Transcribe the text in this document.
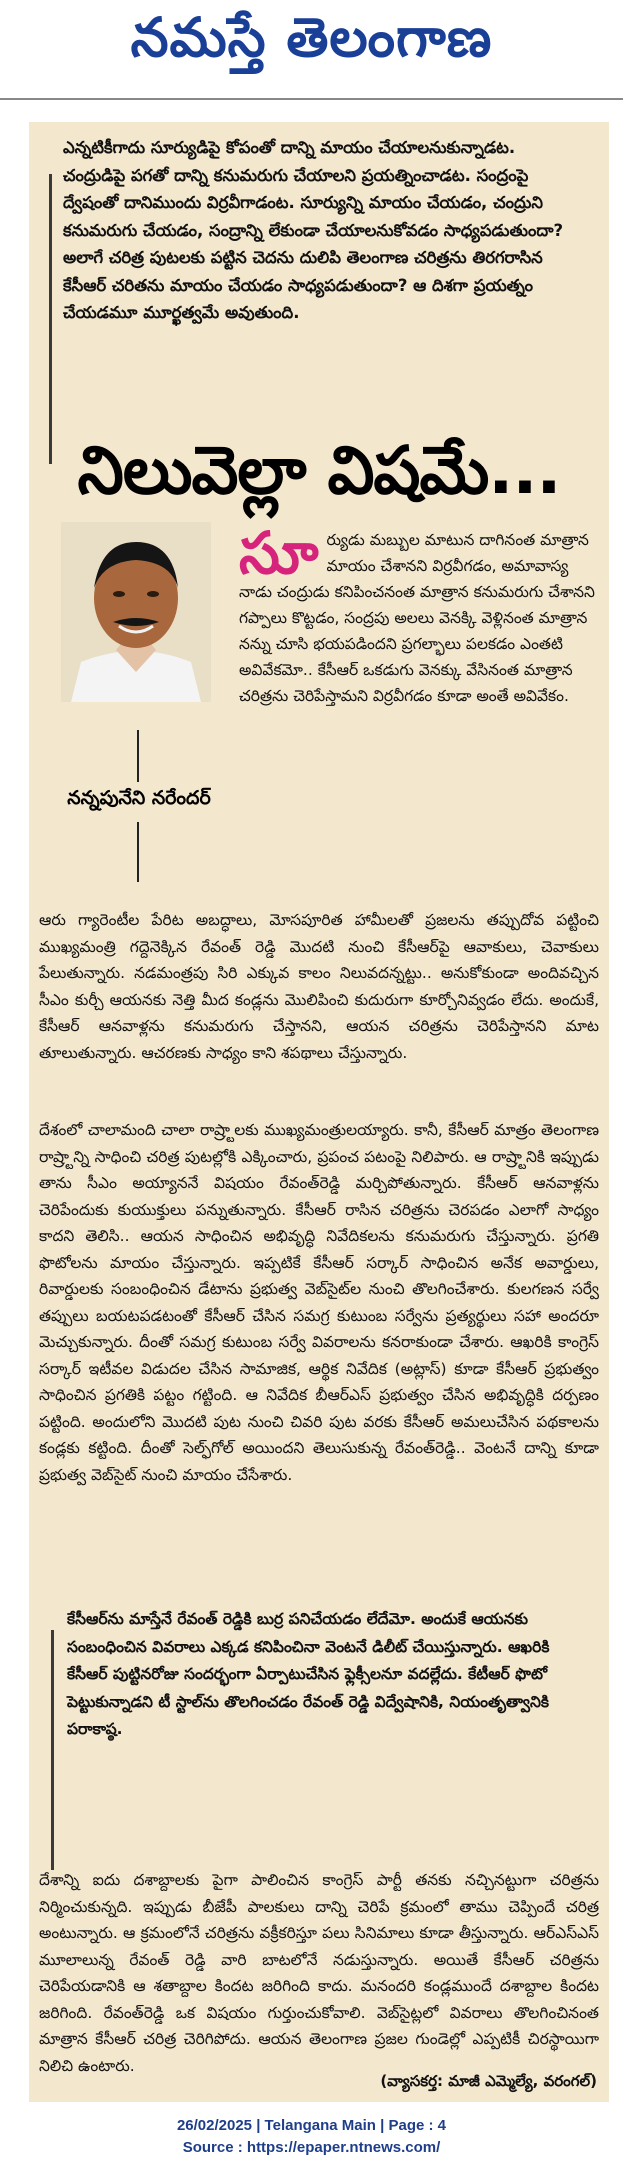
నమస్తే తెలంగాణ
ఎన్నటికీగాదు సూర్యుడిపై కోపంతో దాన్ని మాయం చేయాలనుకున్నాడట. చంద్రుడిపై పగతో దాన్ని కనుమరుగు చేయాలని ప్రయత్నించాడట. సంద్రంపై ద్వేషంతో దానిముందు విర్రవీగాడంట. సూర్యున్ని మాయం చేయడం, చంద్రుని కనుమరుగు చేయడం, సంద్రాన్ని లేకుండా చేయాలనుకోవడం సాధ్యపడుతుందా? అలాగే చరిత్ర పుటలకు పట్టిన చెదను దులిపి తెలంగాణ చరిత్రను తిరగరాసిన కేసీఆర్ చరితను మాయం చేయడం సాధ్యపడుతుందా? ఆ దిశగా ప్రయత్నం చేయడమూ మూర్ఖత్వమే అవుతుంది.
నిలువెల్లా విషమే...
నన్నపునేని నరేందర్
సూర్యుడు మబ్బుల మాటున దాగినంత మాత్రాన మాయం చేశానని విర్రవీగడం, అమావాస్య నాడు చంద్రుడు కనిపించనంత మాత్రాన కనుమరుగు చేశానని గప్పాలు కొట్టడం, సంద్రపు అలలు వెనక్కి వెళ్లినంత మాత్రాన నన్ను చూసి భయపడిందని ప్రగల్భాలు పలకడం ఎంతటి అవివేకమో.. కేసీఆర్ ఒకడుగు వెనక్కు వేసినంత మాత్రాన చరిత్రను చెరిపేస్తామని విర్రవీగడం కూడా అంతే అవివేకం.
ఆరు గ్యారెంటీల పేరిట అబద్ధాలు, మోసపూరిత హామీలతో ప్రజలను తప్పుదోవ పట్టించి ముఖ్యమంత్రి గద్దెనెక్కిన రేవంత్ రెడ్డి మొదటి నుంచి కేసీఆర్‌పై ఆవాకులు, చెవాకులు పేలుతున్నారు. నడమంత్రపు సిరి ఎక్కువ కాలం నిలువదన్నట్టు.. అనుకోకుండా అందివచ్చిన సీఎం కుర్చీ ఆయనకు నెత్తి మీద కండ్లను మొలిపించి కుదురుగా కూర్చోనివ్వడం లేదు. అందుకే, కేసీఆర్ ఆనవాళ్లను కనుమరుగు చేస్తానని, ఆయన చరిత్రను చెరిపేస్తానని మాట తూలుతున్నారు. ఆచరణకు సాధ్యం కాని శపథాలు చేస్తున్నారు.
దేశంలో చాలామంది చాలా రాష్ర్టాలకు ముఖ్యమంత్రులయ్యారు. కానీ, కేసీఆర్ మాత్రం తెలంగాణ రాష్ర్టాన్ని సాధించి చరిత్ర పుటల్లోకి ఎక్కించారు, ప్రపంచ పటంపై నిలిపారు. ఆ రాష్ర్టానికి ఇప్పుడు తాను సీఎం అయ్యాననే విషయం రేవంత్‌రెడ్డి మర్చిపోతున్నారు. కేసీఆర్ ఆనవాళ్లను చెరిపేందుకు కుయుక్తులు పన్నుతున్నారు. కేసీఆర్ రాసిన చరిత్రను చెరపడం ఎలాగో సాధ్యం కాదని తెలిసి.. ఆయన సాధించిన అభివృద్ధి నివేదికలను కనుమరుగు చేస్తున్నారు. ప్రగతి ఫొటోలను మాయం చేస్తున్నారు. ఇప్పటికే కేసీఆర్ సర్కార్ సాధించిన అనేక అవార్డులు, రివార్డులకు సంబంధించిన డేటాను ప్రభుత్వ వెబ్‌సైట్‌ల నుంచి తొలగించేశారు. కులగణన సర్వే తప్పులు బయటపడటంతో కేసీఆర్ చేసిన సమగ్ర కుటుంబ సర్వేను ప్రత్యర్థులు సహా అందరూ మెచ్చుకున్నారు. దీంతో సమగ్ర కుటుంబ సర్వే వివరాలను కనరాకుండా చేశారు. ఆఖరికి కాంగ్రెస్ సర్కార్ ఇటీవల విడుదల చేసిన సామాజిక, ఆర్థిక నివేదిక (అట్లాస్) కూడా కేసీఆర్ ప్రభుత్వం సాధించిన ప్రగతికి పట్టం గట్టింది. ఆ నివేదిక బీఆర్‌ఎస్ ప్రభుత్వం చేసిన అభివృద్ధికి దర్పణం పట్టింది. అందులోని మొదటి పుట నుంచి చివరి పుట వరకు కేసీఆర్ అమలుచేసిన పథకాలను కండ్లకు కట్టింది. దీంతో సెల్ఫ్‌గోల్ అయిందని తెలుసుకున్న రేవంత్‌రెడ్డి.. వెంటనే దాన్ని కూడా ప్రభుత్వ వెబ్‌సైట్ నుంచి మాయం చేసేశారు.
కేసీఆర్‌ను మాస్తేనే రేవంత్ రెడ్డికి బుర్ర పనిచేయడం లేదేమో. అందుకే ఆయనకు సంబంధించిన వివరాలు ఎక్కడ కనిపించినా వెంటనే డిలీట్ చేయిస్తున్నారు. ఆఖరికి కేసీఆర్ పుట్టినరోజు సందర్భంగా ఏర్పాటుచేసిన ఫ్లెక్సీలనూ వదల్లేదు. కేటీఆర్ ఫొటో పెట్టుకున్నాడని టీ స్టాల్‌ను తొలగించడం రేవంత్ రెడ్డి విద్వేషానికి, నియంతృత్వానికి పరాకాష్ఠ.
దేశాన్ని ఐదు దశాబ్దాలకు పైగా పాలించిన కాంగ్రెస్ పార్టీ తనకు నచ్చినట్టుగా చరిత్రను నిర్మించుకున్నది. ఇప్పుడు బీజేపీ పాలకులు దాన్ని చెరిపే క్రమంలో తాము చెప్పిందే చరిత్ర అంటున్నారు. ఆ క్రమంలోనే చరిత్రను వక్రీకరిస్తూ పలు సినిమాలు కూడా తీస్తున్నారు. ఆర్‌ఎస్‌ఎస్ మూలాలున్న రేవంత్ రెడ్డి వారి బాటలోనే నడుస్తున్నారు. అయితే కేసీఆర్ చరిత్రను చెరిపేయడానికి ఆ శతాబ్దాల కిందట జరిగింది కాదు. మనందరి కండ్లముందే దశాబ్దాల కిందట జరిగింది. రేవంత్‌రెడ్డి ఒక విషయం గుర్తుంచుకోవాలి. వెబ్‌సైట్లలో వివరాలు తొలగించినంత మాత్రాన కేసీఆర్ చరిత్ర చెరిగిపోదు. ఆయన తెలంగాణ ప్రజల గుండెల్లో ఎప్పటికీ చిరస్థాయిగా నిలిచి ఉంటారు.
(వ్యాసకర్త: మాజీ ఎమ్మెల్యే, వరంగల్)
26/02/2025 | Telangana Main | Page : 4
Source : https://epaper.ntnews.com/
